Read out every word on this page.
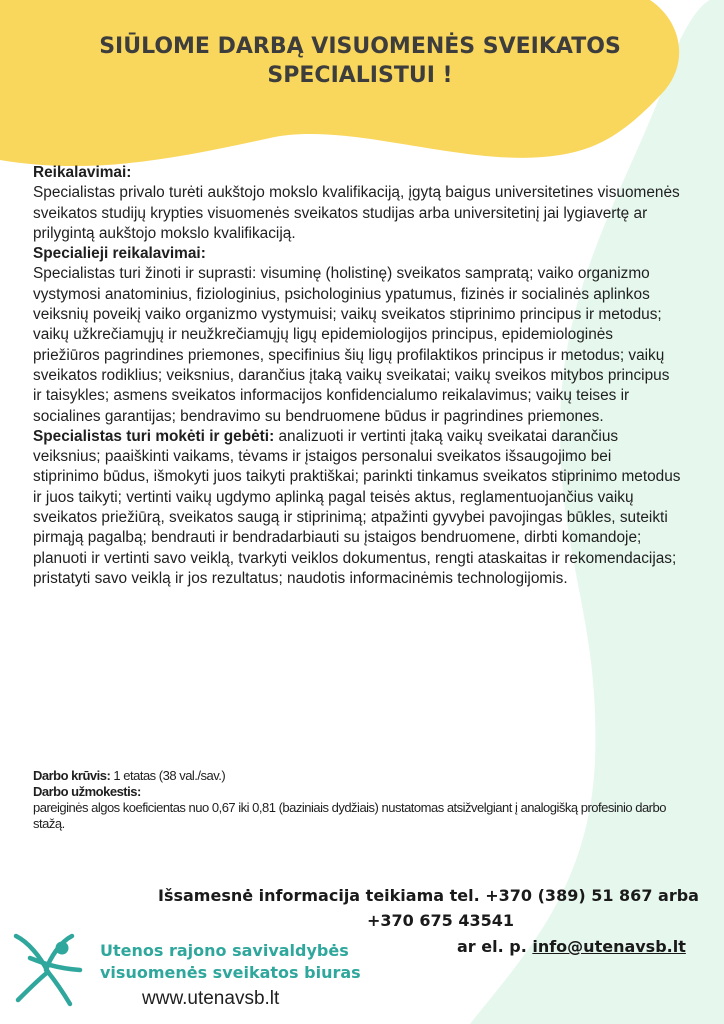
SIŪLOME DARBĄ VISUOMENĖS SVEIKATOS
SPECIALISTUI !

Reikalavimai:
Specialistas privalo turėti aukštojo mokslo kvalifikaciją, įgytą baigus universitetines visuomenės sveikatos studijų krypties visuomenės sveikatos studijas arba universitetinį jai lygiavertę ar prilygintą aukštojo mokslo kvalifikaciją.

Specialieji reikalavimai:
Specialistas turi žinoti ir suprasti: visuminę (holistinę) sveikatos sampratą; vaiko organizmo vystymosi anatominius, fiziologinius, psichologinius ypatumus, fizinės ir socialinės aplinkos veiksnių poveikį vaiko organizmo vystymuisi; vaikų sveikatos stiprinimo principus ir metodus; vaikų užkrečiamųjų ir neužkrečiamųjų ligų epidemiologijos principus, epidemiologinės priežiūros pagrindines priemones, specifinius šių ligų profilaktikos principus ir metodus; vaikų sveikatos rodiklius; veiksnius, darančius įtaką vaikų sveikatai; vaikų sveikos mitybos principus ir taisykles; asmens sveikatos informacijos konfidencialumo reikalavimus; vaikų teises ir socialines garantijas; bendravimo su bendruomene būdus ir pagrindines priemones.

Specialistas turi mokėti ir gebėti: analizuoti ir vertinti įtaką vaikų sveikatai darančius veiksnius; paaiškinti vaikams, tėvams ir įstaigos personalui sveikatos išsaugojimo bei stiprinimo būdus, išmokyti juos taikyti praktiškai; parinkti tinkamus sveikatos stiprinimo metodus ir juos taikyti; vertinti vaikų ugdymo aplinką pagal teisės aktus, reglamentuojančius vaikų sveikatos priežiūrą, sveikatos saugą ir stiprinimą; atpažinti gyvybei pavojingas būkles, suteikti pirmąją pagalbą; bendrauti ir bendradarbiauti su įstaigos bendruomene, dirbti komandoje; planuoti ir vertinti savo veiklą, tvarkyti veiklos dokumentus, rengti ataskaitas ir rekomendacijas; pristatyti savo veiklą ir jos rezultatus; naudotis informacinėmis technologijomis.

Darbo krūvis: 1 etatas (38 val./sav.)

Darbo užmokestis:
pareiginės algos koeficientas nuo 0,67 iki 0,81 (baziniais dydžiais) nustatomas atsižvelgiant į analogišką profesinio darbo stažą.

Išsamesnė informacija teikiama tel. +370 (389) 51 867 arba
+370 675 43541
ar el. p. info@utenavsb.lt
Utenos rajono savivaldybės
visuomenės sveikatos biuras
www.utenavsb.lt
